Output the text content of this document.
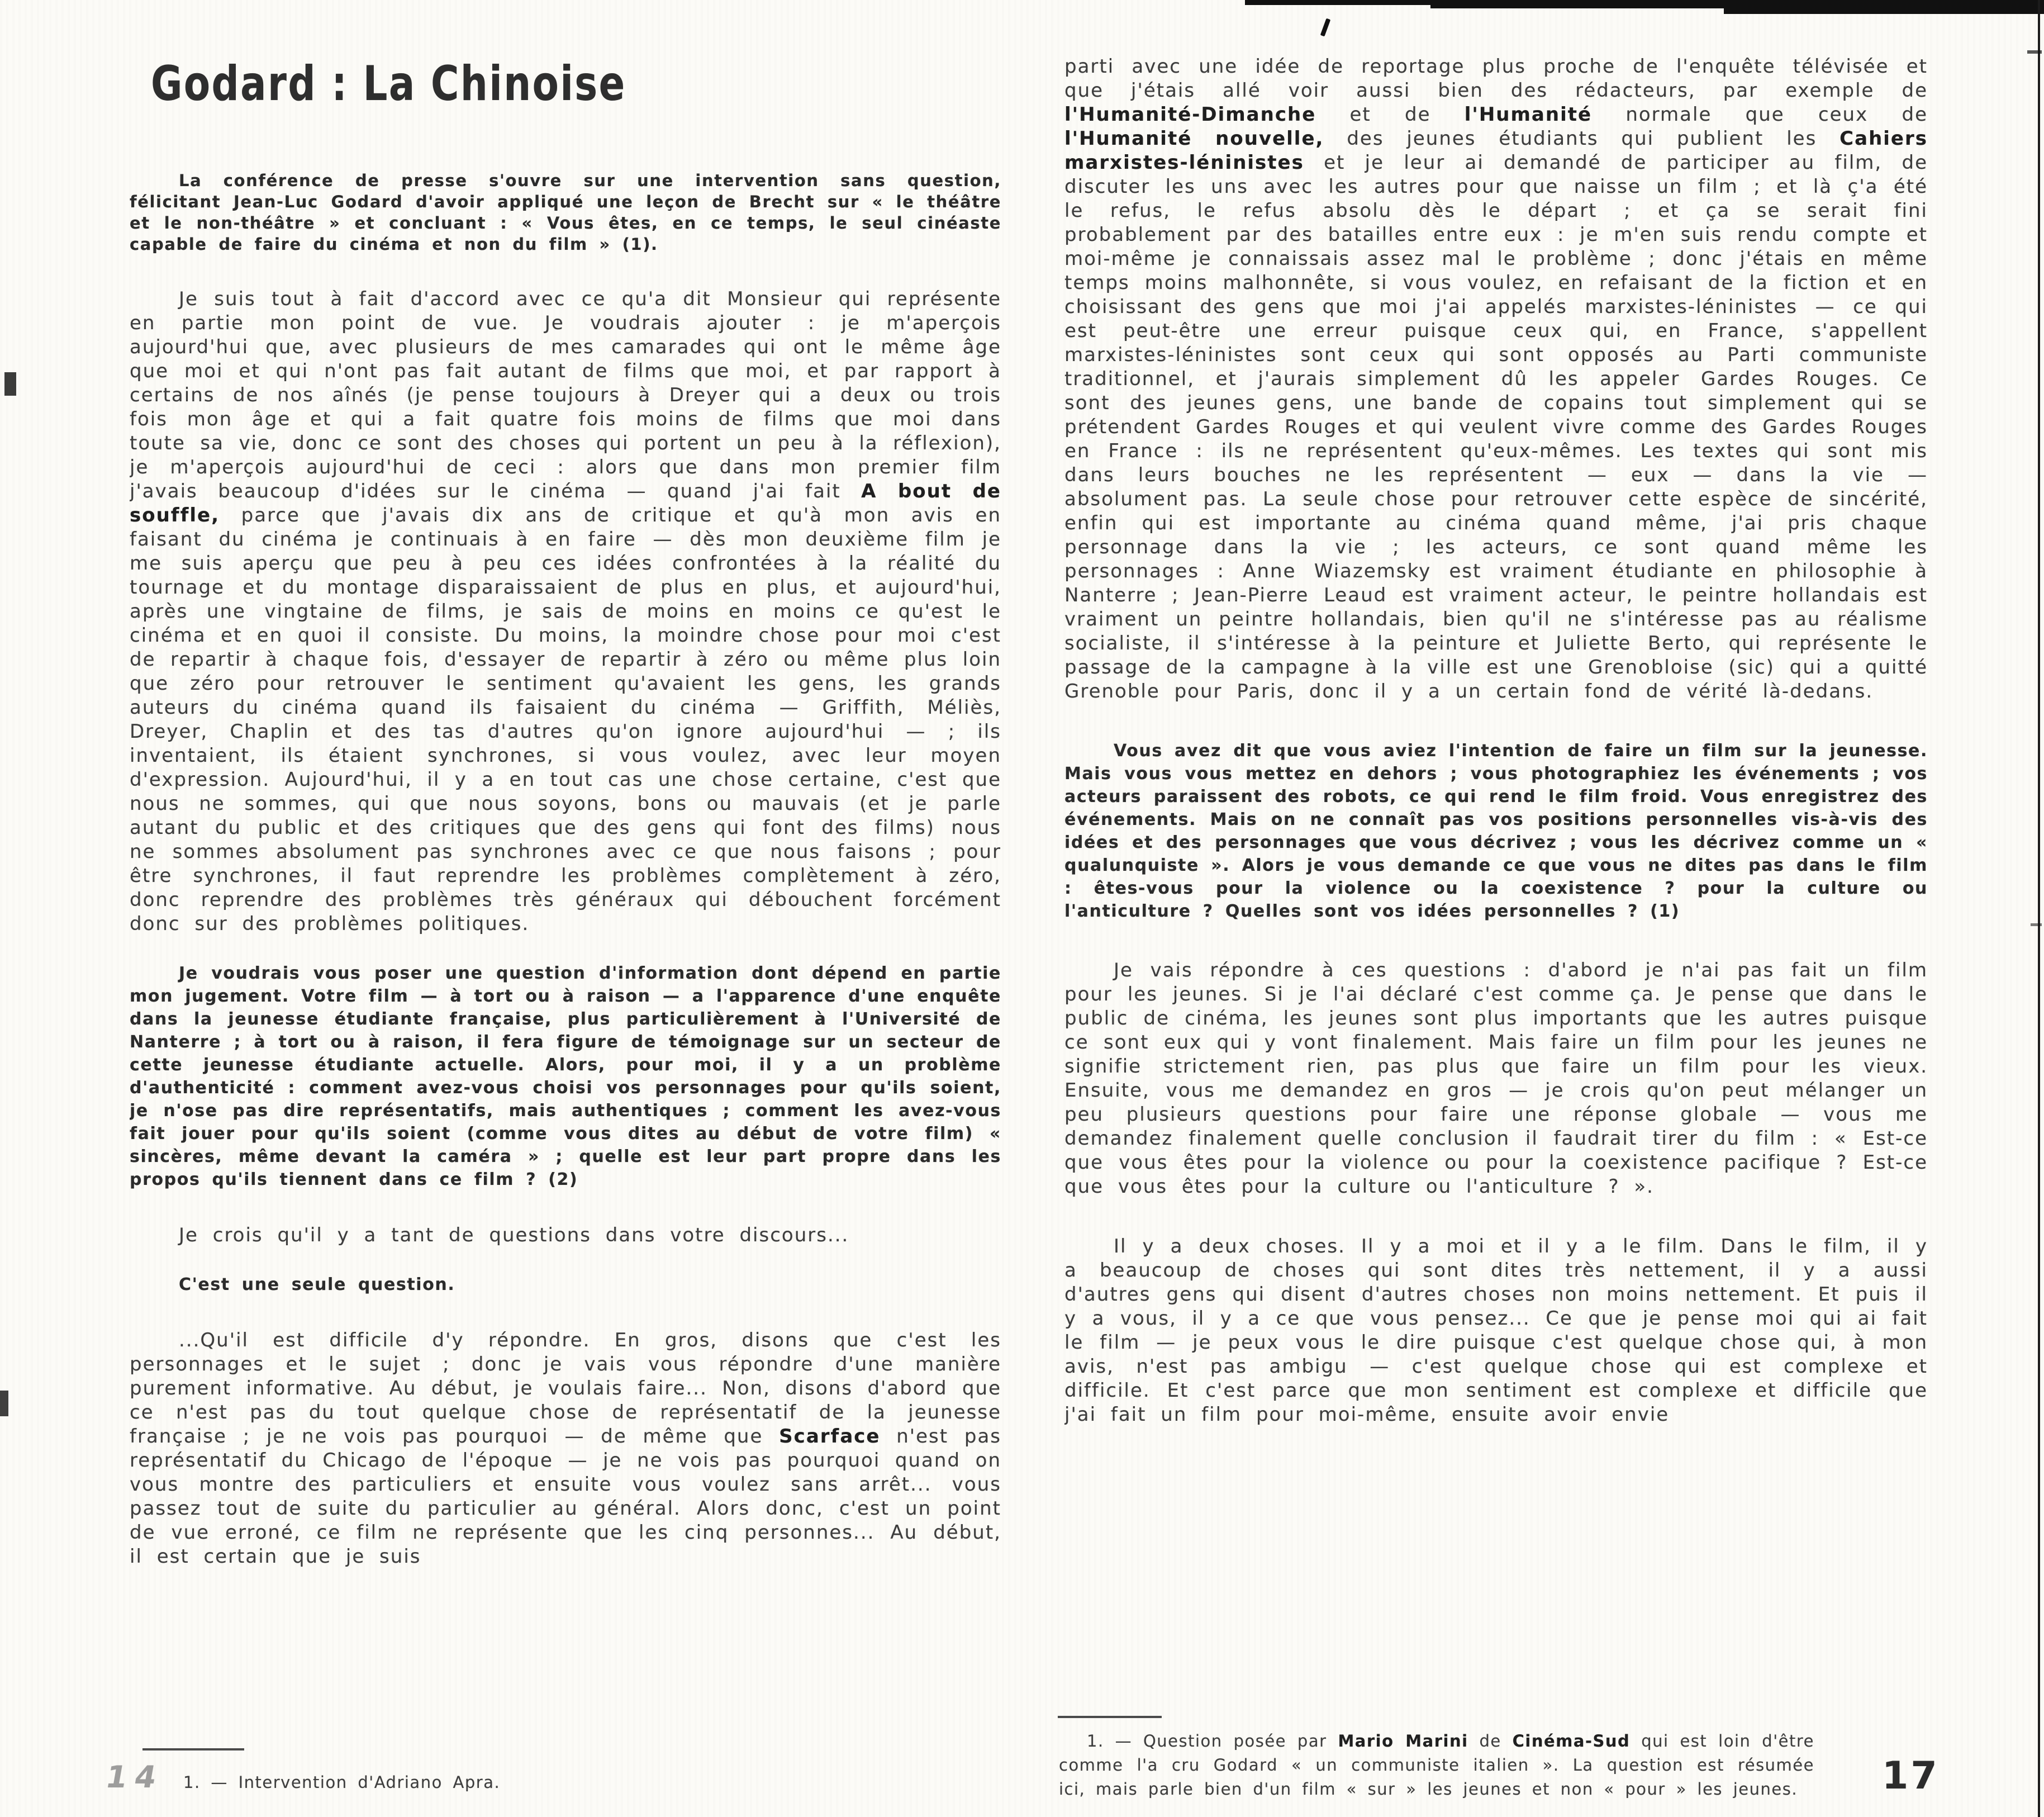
Godard : La Chinoise

La conférence de presse s'ouvre sur une intervention sans question, félicitant Jean-Luc Godard d'avoir appliqué une leçon de Brecht sur « le théâtre et le non-théâtre » et concluant : « Vous êtes, en ce temps, le seul cinéaste capable de faire du cinéma et non du film » (1).

Je suis tout à fait d'accord avec ce qu'a dit Monsieur qui représente en partie mon point de vue. Je voudrais ajouter : je m'aperçois aujourd'hui que, avec plusieurs de mes camarades qui ont le même âge que moi et qui n'ont pas fait autant de films que moi, et par rapport à certains de nos aînés (je pense toujours à Dreyer qui a deux ou trois fois mon âge et qui a fait quatre fois moins de films que moi dans toute sa vie, donc ce sont des choses qui portent un peu à la réflexion), je m'aperçois aujourd'hui de ceci : alors que dans mon premier film j'avais beaucoup d'idées sur le cinéma — quand j'ai fait A bout de souffle, parce que j'avais dix ans de critique et qu'à mon avis en faisant du cinéma je continuais à en faire — dès mon deuxième film je me suis aperçu que peu à peu ces idées confrontées à la réalité du tournage et du montage disparaissaient de plus en plus, et aujourd'hui, après une vingtaine de films, je sais de moins en moins ce qu'est le cinéma et en quoi il consiste. Du moins, la moindre chose pour moi c'est de repartir à chaque fois, d'essayer de repartir à zéro ou même plus loin que zéro pour retrouver le sentiment qu'avaient les gens, les grands auteurs du cinéma quand ils faisaient du cinéma — Griffith, Méliès, Dreyer, Chaplin et des tas d'autres qu'on ignore aujourd'hui — ; ils inventaient, ils étaient synchrones, si vous voulez, avec leur moyen d'expression. Aujourd'hui, il y a en tout cas une chose certaine, c'est que nous ne sommes, qui que nous soyons, bons ou mauvais (et je parle autant du public et des critiques que des gens qui font des films) nous ne sommes absolument pas synchrones avec ce que nous faisons ; pour être synchrones, il faut reprendre les problèmes complètement à zéro, donc reprendre des problèmes très généraux qui débouchent forcément donc sur des problèmes politiques.

Je voudrais vous poser une question d'information dont dépend en partie mon jugement. Votre film — à tort ou à raison — a l'apparence d'une enquête dans la jeunesse étudiante française, plus particulièrement à l'Université de Nanterre ; à tort ou à raison, il fera figure de témoignage sur un secteur de cette jeunesse étudiante actuelle. Alors, pour moi, il y a un problème d'authenticité : comment avez-vous choisi vos personnages pour qu'ils soient, je n'ose pas dire représentatifs, mais authentiques ; comment les avez-vous fait jouer pour qu'ils soient (comme vous dites au début de votre film) « sincères, même devant la caméra » ; quelle est leur part propre dans les propos qu'ils tiennent dans ce film ? (2)

Je crois qu'il y a tant de questions dans votre discours...

C'est une seule question.

...Qu'il est difficile d'y répondre. En gros, disons que c'est les personnages et le sujet ; donc je vais vous répondre d'une manière purement informative. Au début, je voulais faire... Non, disons d'abord que ce n'est pas du tout quelque chose de représentatif de la jeunesse française ; je ne vois pas pourquoi — de même que Scarface n'est pas représentatif du Chicago de l'époque — je ne vois pas pourquoi quand on vous montre des particuliers et ensuite vous voulez sans arrêt... vous passez tout de suite du particulier au général. Alors donc, c'est un point de vue erroné, ce film ne représente que les cinq personnes... Au début, il est certain que je suis

parti avec une idée de reportage plus proche de l'enquête télévisée et que j'étais allé voir aussi bien des rédacteurs, par exemple de l'Humanité-Dimanche et de l'Humanité normale que ceux de l'Humanité nouvelle, des jeunes étudiants qui publient les Cahiers marxistes-léninistes et je leur ai demandé de participer au film, de discuter les uns avec les autres pour que naisse un film ; et là ç'a été le refus, le refus absolu dès le départ ; et ça se serait fini probablement par des batailles entre eux : je m'en suis rendu compte et moi-même je connaissais assez mal le problème ; donc j'étais en même temps moins malhonnête, si vous voulez, en refaisant de la fiction et en choisissant des gens que moi j'ai appelés marxistes-léninistes — ce qui est peut-être une erreur puisque ceux qui, en France, s'appellent marxistes-léninistes sont ceux qui sont opposés au Parti communiste traditionnel, et j'aurais simplement dû les appeler Gardes Rouges. Ce sont des jeunes gens, une bande de copains tout simplement qui se prétendent Gardes Rouges et qui veulent vivre comme des Gardes Rouges en France : ils ne représentent qu'eux-mêmes. Les textes qui sont mis dans leurs bouches ne les représentent — eux — dans la vie — absolument pas. La seule chose pour retrouver cette espèce de sincérité, enfin qui est importante au cinéma quand même, j'ai pris chaque personnage dans la vie ; les acteurs, ce sont quand même les personnages : Anne Wiazemsky est vraiment étudiante en philosophie à Nanterre ; Jean-Pierre Leaud est vraiment acteur, le peintre hollandais est vraiment un peintre hollandais, bien qu'il ne s'intéresse pas au réalisme socialiste, il s'intéresse à la peinture et Juliette Berto, qui représente le passage de la campagne à la ville est une Grenobloise (sic) qui a quitté Grenoble pour Paris, donc il y a un certain fond de vérité là-dedans.

Vous avez dit que vous aviez l'intention de faire un film sur la jeunesse. Mais vous vous mettez en dehors ; vous photographiez les événements ; vos acteurs paraissent des robots, ce qui rend le film froid. Vous enregistrez des événements. Mais on ne connaît pas vos positions personnelles vis-à-vis des idées et des personnages que vous décrivez ; vous les décrivez comme un « qualunquiste ». Alors je vous demande ce que vous ne dites pas dans le film : êtes-vous pour la violence ou la coexistence ? pour la culture ou l'anticulture ? Quelles sont vos idées personnelles ? (1)

Je vais répondre à ces questions : d'abord je n'ai pas fait un film pour les jeunes. Si je l'ai déclaré c'est comme ça. Je pense que dans le public de cinéma, les jeunes sont plus importants que les autres puisque ce sont eux qui y vont finalement. Mais faire un film pour les jeunes ne signifie strictement rien, pas plus que faire un film pour les vieux. Ensuite, vous me demandez en gros — je crois qu'on peut mélanger un peu plusieurs questions pour faire une réponse globale — vous me demandez finalement quelle conclusion il faudrait tirer du film : « Est-ce que vous êtes pour la violence ou pour la coexistence pacifique ? Est-ce que vous êtes pour la culture ou l'anticulture ? ».

Il y a deux choses. Il y a moi et il y a le film. Dans le film, il y a beaucoup de choses qui sont dites très nettement, il y a aussi d'autres gens qui disent d'autres choses non moins nettement. Et puis il y a vous, il y a ce que vous pensez... Ce que je pense moi qui ai fait le film — je peux vous le dire puisque c'est quelque chose qui, à mon avis, n'est pas ambigu — c'est quelque chose qui est complexe et difficile. Et c'est parce que mon sentiment est complexe et difficile que j'ai fait un film pour moi-même, ensuite avoir envie

1. — Intervention d'Adriano Apra.

1. — Question posée par Mario Marini de Cinéma-Sud qui est loin d'être comme l'a cru Godard « un communiste italien ». La question est résumée ici, mais parle bien d'un film « sur » les jeunes et non « pour » les jeunes.

14	17
